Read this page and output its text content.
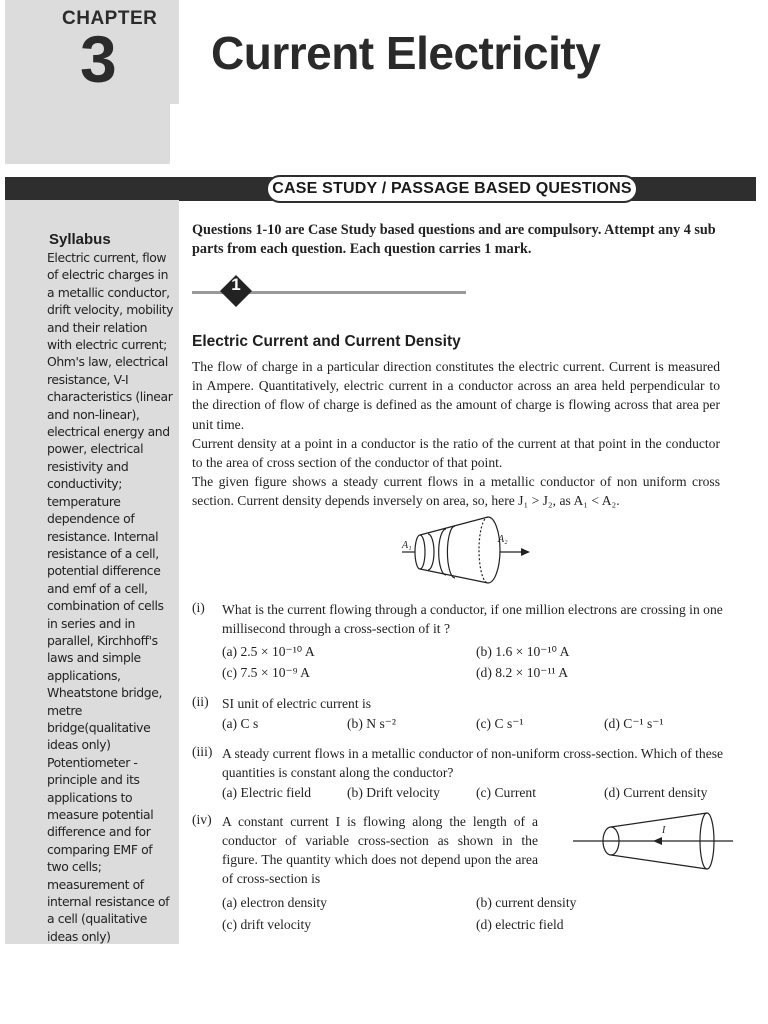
CHAPTER
3 Current Electricity
CASE STUDY / PASSAGE BASED QUESTIONS
Syllabus
Electric current, flow of electric charges in a metallic conductor, drift velocity, mobility and their relation with electric current; Ohm's law, electrical resistance, V-I characteristics (linear and non-linear), electrical energy and power, electrical resistivity and conductivity; temperature dependence of resistance. Internal resistance of a cell, potential difference and emf of a cell, combination of cells in series and in parallel, Kirchhoff's laws and simple applications, Wheatstone bridge, metre bridge(qualitative ideas only) Potentiometer - principle and its applications to measure potential difference and for comparing EMF of two cells; measurement of internal resistance of a cell (qualitative ideas only)
Questions 1-10 are Case Study based questions and are compulsory. Attempt any 4 sub parts from each question. Each question carries 1 mark.
1
Electric Current and Current Density
The flow of charge in a particular direction constitutes the electric current. Current is measured in Ampere. Quantitatively, electric current in a conductor across an area held perpendicular to the direction of flow of charge is defined as the amount of charge is flowing across that area per unit time.
Current density at a point in a conductor is the ratio of the current at that point in the conductor to the area of cross section of the conductor of that point.
The given figure shows a steady current flows in a metallic conductor of non uniform cross section. Current density depends inversely on area, so, here J₁ > J₂, as A₁ < A₂.
A₁
A₂
(i) What is the current flowing through a conductor, if one million electrons are crossing in one millisecond through a cross-section of it ?
(a) 2.5 × 10⁻¹⁰ A	(b) 1.6 × 10⁻¹⁰ A
(c) 7.5 × 10⁻⁹ A	(d) 8.2 × 10⁻¹¹ A
(ii) SI unit of electric current is
(a) C s	(b) N s⁻²	(c) C s⁻¹	(d) C⁻¹ s⁻¹
(iii) A steady current flows in a metallic conductor of non-uniform cross-section. Which of these quantities is constant along the conductor?
(a) Electric field	(b) Drift velocity	(c) Current	(d) Current density
(iv) A constant current I is flowing along the length of a conductor of variable cross-section as shown in the figure. The quantity which does not depend upon the area of cross-section is
I
(a) electron density	(b) current density
(c) drift velocity	(d) electric field
